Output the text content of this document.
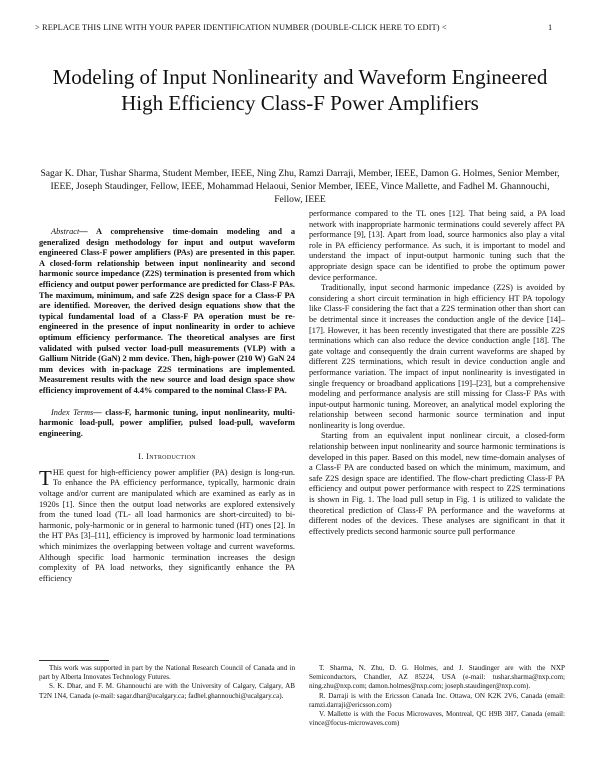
> REPLACE THIS LINE WITH YOUR PAPER IDENTIFICATION NUMBER (DOUBLE-CLICK HERE TO EDIT) <	1
Modeling of Input Nonlinearity and Waveform Engineered High Efficiency Class-F Power Amplifiers
Sagar K. Dhar, Tushar Sharma, Student Member, IEEE, Ning Zhu, Ramzi Darraji, Member, IEEE, Damon G. Holmes, Senior Member, IEEE, Joseph Staudinger, Fellow, IEEE, Mohammad Helaoui, Senior Member, IEEE, Vince Mallette, and Fadhel M. Ghannouchi, Fellow, IEEE

Abstract— A comprehensive time-domain modeling and a generalized design methodology for input and output waveform engineered Class-F power amplifiers (PAs) are presented in this paper. A closed-form relationship between input nonlinearity and second harmonic source impedance (Z2S) termination is presented from which efficiency and output power performance are predicted for Class-F PAs. The maximum, minimum, and safe Z2S design space for a Class-F PA are identified. Moreover, the derived design equations show that the typical fundamental load of a Class-F PA operation must be re-engineered in the presence of input nonlinearity in order to achieve optimum efficiency performance. The theoretical analyses are first validated with pulsed vector load-pull measurements (VLP) with a Gallium Nitride (GaN) 2 mm device. Then, high-power (210 W) GaN 24 mm devices with in-package Z2S terminations are implemented. Measurement results with the new source and load design space show efficiency improvement of 4.4% compared to the nominal Class-F PA.

Index Terms— class-F, harmonic tuning, input nonlinearity, multi-harmonic load-pull, power amplifier, pulsed load-pull, waveform engineering.

I. Introduction

THE quest for high-efficiency power amplifier (PA) design is long-run. To enhance the PA efficiency performance, typically, harmonic drain voltage and/or current are manipulated which are examined as early as in 1920s [1]. Since then the output load networks are explored extensively from the tuned load (TL- all load harmonics are short-circuited) to bi-harmonic, poly-harmonic or in general to harmonic tuned (HT) ones [2]. In the HT PAs [3]–[11], efficiency is improved by harmonic load terminations which minimizes the overlapping between voltage and current waveforms. Although specific load harmonic termination increases the design complexity of PA load networks, they significantly enhance the PA efficiency

performance compared to the TL ones [12]. That being said, a PA load network with inappropriate harmonic terminations could severely affect PA performance [9], [13]. Apart from load, source harmonics also play a vital role in PA efficiency performance. As such, it is important to model and understand the impact of input-output harmonic tuning such that the appropriate design space can be identified to probe the optimum power device performance.

Traditionally, input second harmonic impedance (Z2S) is avoided by considering a short circuit termination in high efficiency HT PA topology like Class-F considering the fact that a Z2S termination other than short can be detrimental since it increases the conduction angle of the device [14]–[17]. However, it has been recently investigated that there are possible Z2S terminations which can also reduce the device conduction angle [18]. The gate voltage and consequently the drain current waveforms are shaped by different Z2S terminations, which result in device conduction angle and performance variation. The impact of input nonlinearity is investigated in single frequency or broadband applications [19]–[23], but a comprehensive modeling and performance analysis are still missing for Class-F PAs with input-output harmonic tuning. Moreover, an analytical model exploring the relationship between second harmonic source termination and input nonlinearity is long overdue.

Starting from an equivalent input nonlinear circuit, a closed-form relationship between input nonlinearity and source harmonic terminations is developed in this paper. Based on this model, new time-domain analyses of a Class-F PA are conducted based on which the minimum, maximum, and safe Z2S design space are identified. The flow-chart predicting Class-F PA efficiency and output power performance with respect to Z2S terminations is shown in Fig. 1. The load pull setup in Fig. 1 is utilized to validate the theoretical prediction of Class-F PA performance and the waveforms at different nodes of the devices. These analyses are significant in that it effectively predicts second harmonic source pull performance

This work was supported in part by the National Research Council of Canada and in part by Alberta Innovates Technology Futures.

S. K. Dhar, and F. M. Ghannouchi are with the University of Calgary, Calgary, AB T2N 1N4, Canada (e-mail: sagar.dhar@ucalgary.ca; fadhel.ghannouchi@ucalgary.ca).

T. Sharma, N. Zhu, D. G. Holmes, and J. Staudinger are with the NXP Semiconductors, Chandler, AZ 85224, USA (e-mail: tushar.sharma@nxp.com; ning.zhu@nxp.com; damon.holmes@nxp.com; joseph.staudinger@nxp.com).

R. Darraji is with the Ericsson Canada Inc. Ottawa, ON K2K 2V6, Canada (email: ramzi.darraji@ericsson.com)

V. Mallette is with the Focus Microwaves, Montreal, QC H9B 3H7, Canada (email: vince@focus-microwaves.com)
